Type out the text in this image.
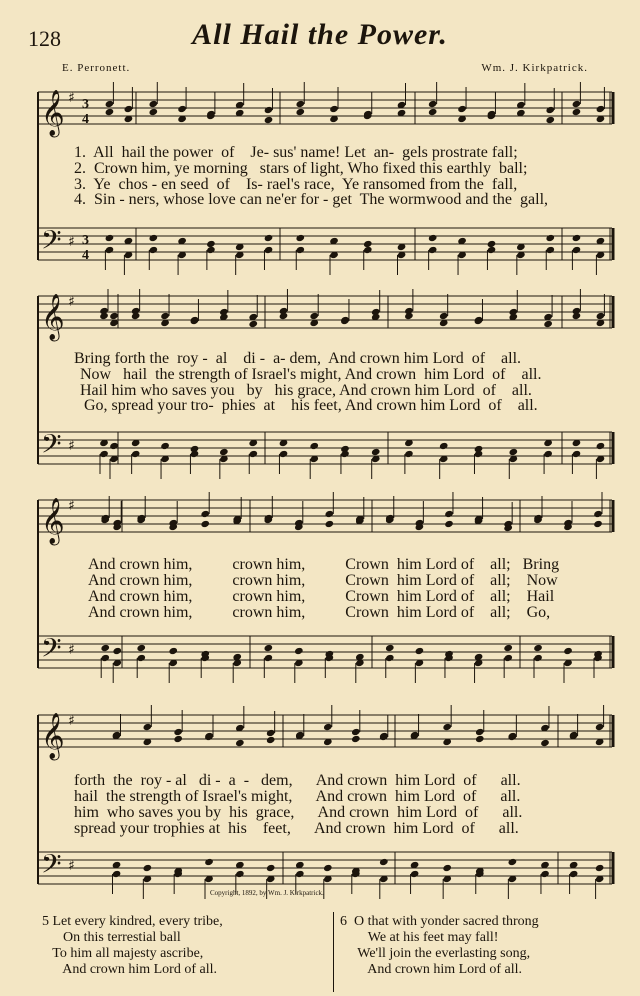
128	All Hail the Power.
E. Perronett.	Wm. J. Kirkpatrick.
𝄞 ♯ 3
4
𝄢 ♯ 3
4
𝄞 ♯
𝄢 ♯
𝄞 ♯
𝄢 ♯
𝄞 ♯
𝄢 ♯
1.  All  hail the power  of    Je- sus' name! Let  an-  gels prostrate fall;
2.  Crown him, ye morning   stars of light, Who fixed this earthly  ball;
3.  Ye  chos - en seed  of    Is- rael's race,  Ye ransomed from the  fall,
4.  Sin - ners, whose love can ne'er for - get  The wormwood and the  gall,
Bring forth the  roy -  al    di -  a- dem,  And crown him Lord  of    all.
Now   hail  the strength of Israel's might, And crown  him Lord  of    all.
Hail him who saves you   by   his grace, And crown him Lord  of    all.
Go, spread your tro-  phies  at    his feet, And crown him Lord  of    all.
And crown him,          crown him,          Crown  him Lord of    all;   Bring
And crown him,          crown him,          Crown  him Lord of    all;    Now
And crown him,          crown him,          Crown  him Lord of    all;    Hail
And crown him,          crown him,          Crown  him Lord of    all;    Go,
forth  the  roy - al   di -  a  -   dem,      And crown  him Lord  of      all.
hail  the strength of Israel's might,      And crown  him Lord  of      all.
him  who saves you by  his  grace,      And crown  him Lord  of      all.
spread your trophies at  his    feet,      And crown  him Lord  of      all.
Copyright, 1892, by Wm. J. Kirkpatrick.
5 Let every kindred, every tribe,
On this terrestial ball
To him all majesty ascribe,
And crown him Lord of all.
6  O that with yonder sacred throng
We at his feet may fall!
We'll join the everlasting song,
And crown him Lord of all.
